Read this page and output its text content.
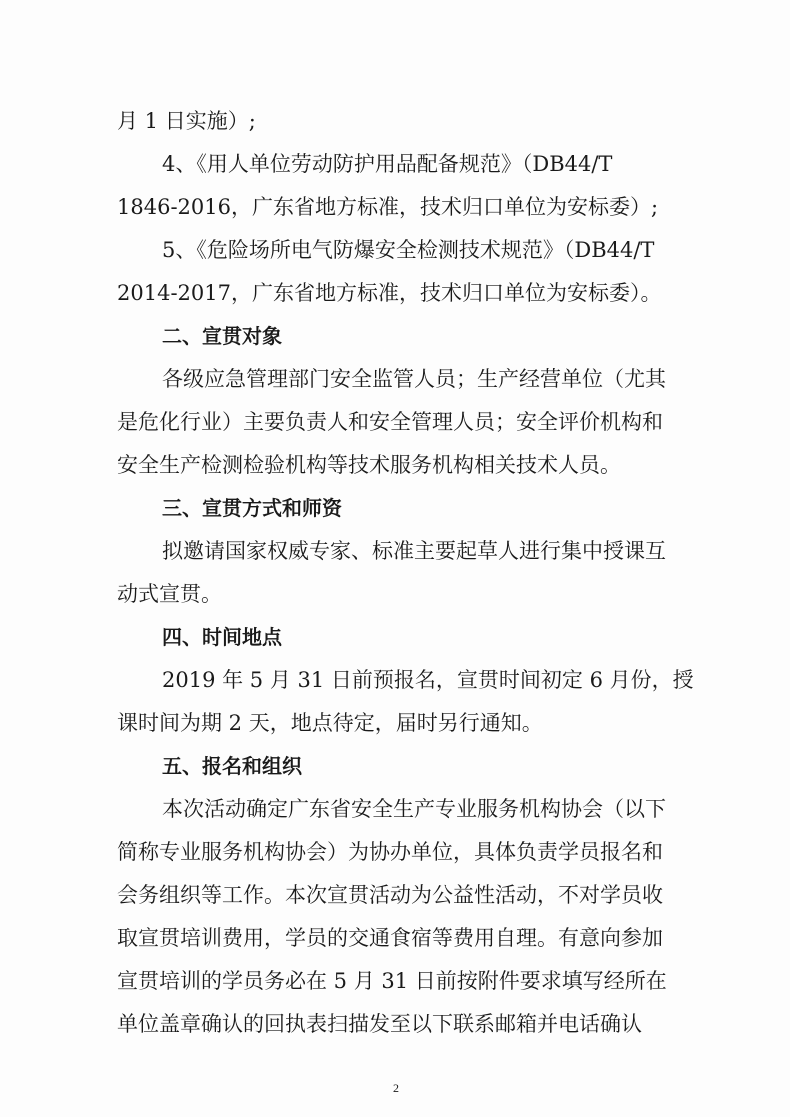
月 1 日实施）;
4、《用人单位劳动防护用品配备规范》（DB44/T
1846-2016，广东省地方标准，技术归口单位为安标委）;
5、《危险场所电气防爆安全检测技术规范》（DB44/T
2014-2017，广东省地方标准，技术归口单位为安标委）。
二、宣贯对象
各级应急管理部门安全监管人员；生产经营单位（尤其
是危化行业）主要负责人和安全管理人员；安全评价机构和
安全生产检测检验机构等技术服务机构相关技术人员。
三、宣贯方式和师资
拟邀请国家权威专家、标准主要起草人进行集中授课互
动式宣贯。
四、时间地点
2019 年 5 月 31 日前预报名，宣贯时间初定 6 月份，授
课时间为期 2 天，地点待定，届时另行通知。
五、报名和组织
本次活动确定广东省安全生产专业服务机构协会（以下
简称专业服务机构协会）为协办单位，具体负责学员报名和
会务组织等工作。本次宣贯活动为公益性活动，不对学员收
取宣贯培训费用，学员的交通食宿等费用自理。有意向参加
宣贯培训的学员务必在 5 月 31 日前按附件要求填写经所在
单位盖章确认的回执表扫描发至以下联系邮箱并电话确认
2
